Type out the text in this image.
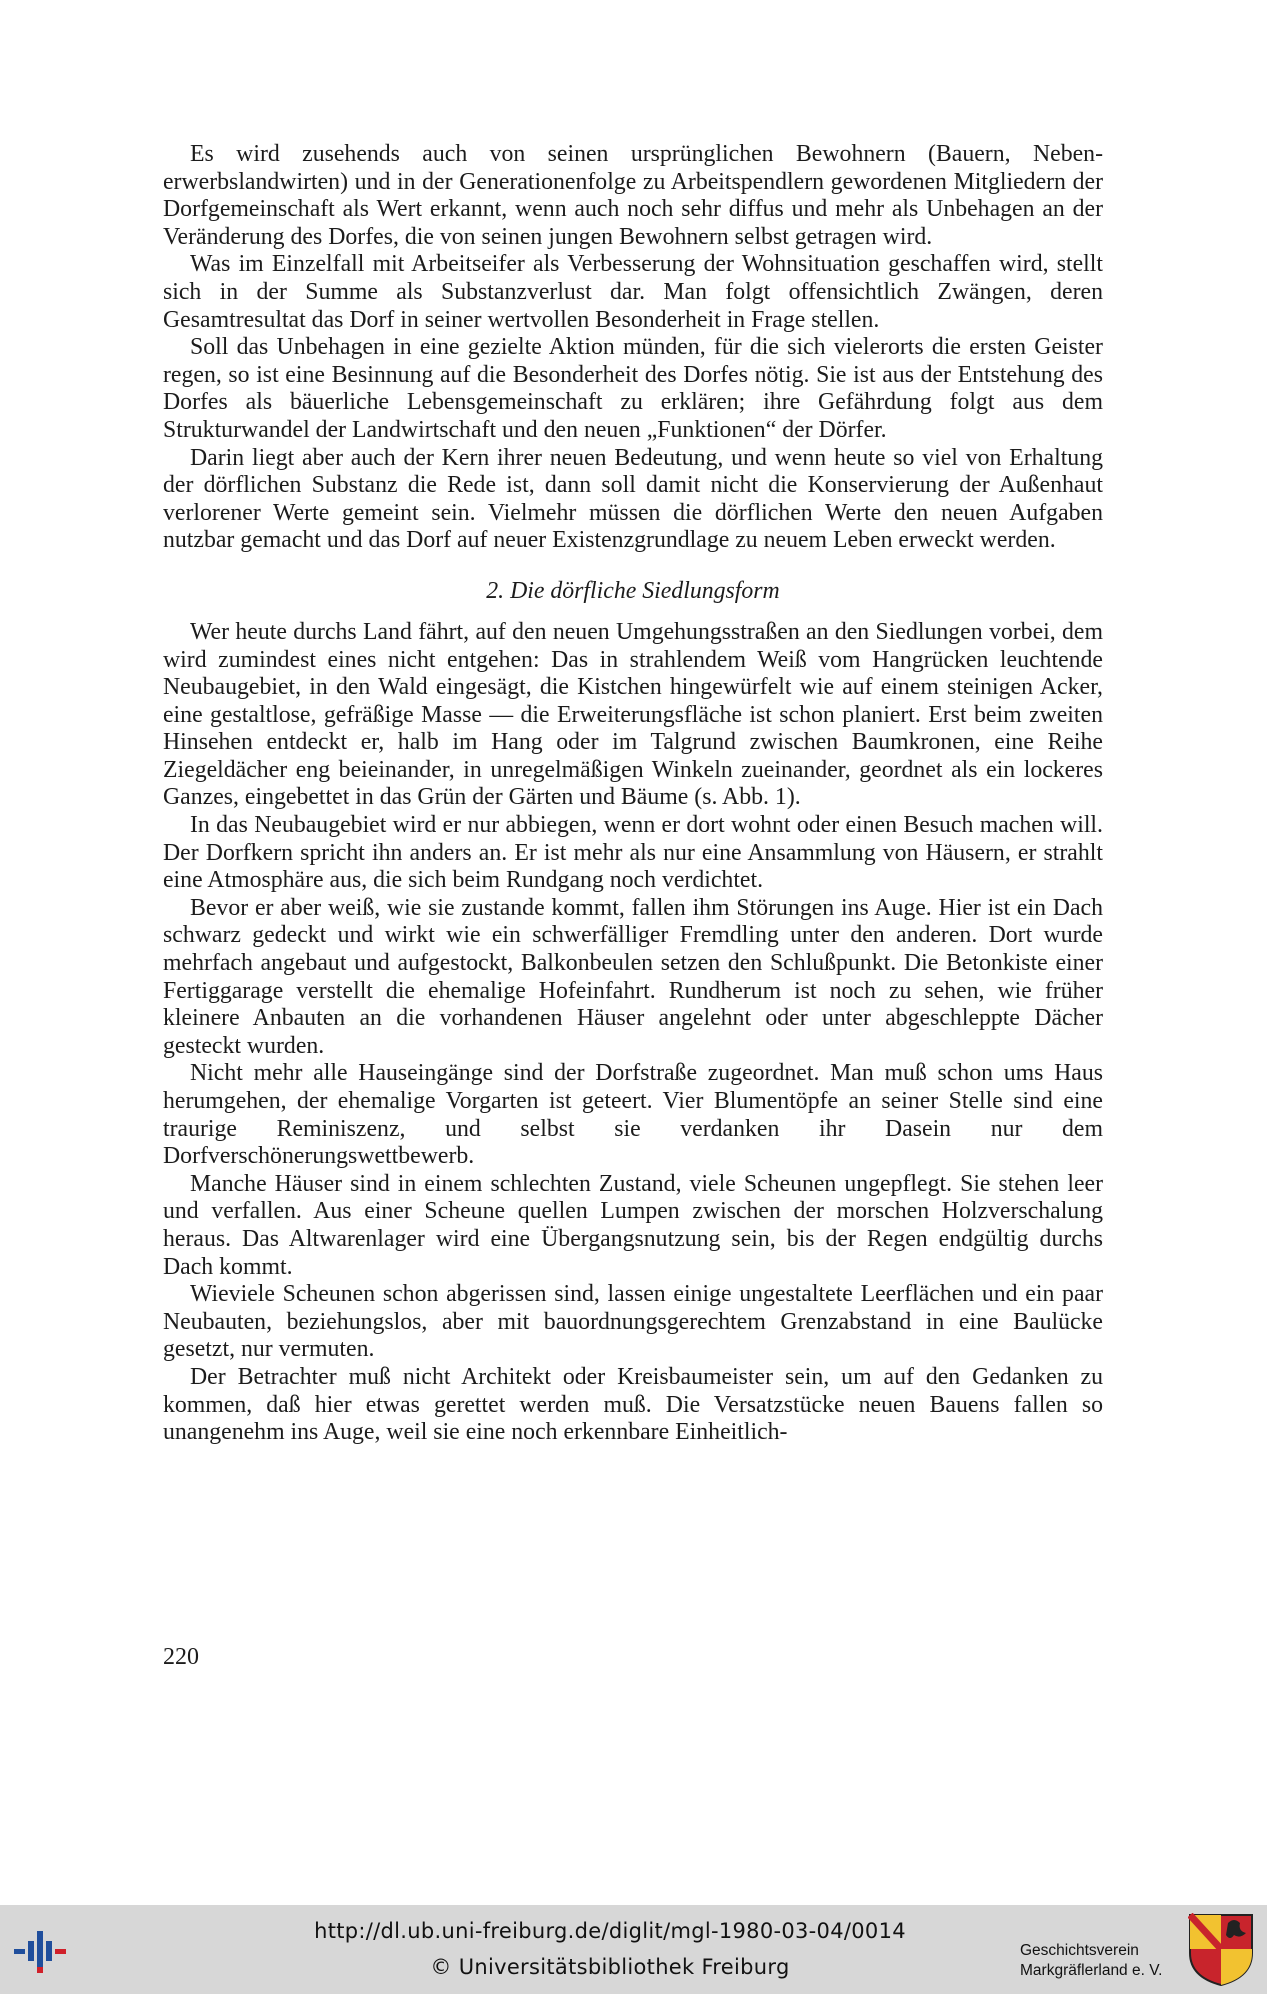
Es wird zusehends auch von seinen ursprünglichen Bewohnern (Bauern, Nebenerwerbslandwirten) und in der Generationenfolge zu Arbeitspendlern gewordenen Mitgliedern der Dorfgemeinschaft als Wert erkannt, wenn auch noch sehr diffus und mehr als Unbehagen an der Veränderung des Dorfes, die von seinen jungen Bewohnern selbst getragen wird.

Was im Einzelfall mit Arbeitseifer als Verbesserung der Wohnsituation geschaffen wird, stellt sich in der Summe als Substanzverlust dar. Man folgt offensichtlich Zwängen, deren Gesamtresultat das Dorf in seiner wertvollen Besonderheit in Frage stellen.

Soll das Unbehagen in eine gezielte Aktion münden, für die sich vielerorts die ersten Geister regen, so ist eine Besinnung auf die Besonderheit des Dorfes nötig. Sie ist aus der Entstehung des Dorfes als bäuerliche Lebensgemeinschaft zu erklären; ihre Gefährdung folgt aus dem Strukturwandel der Landwirtschaft und den neuen „Funktionen“ der Dörfer.

Darin liegt aber auch der Kern ihrer neuen Bedeutung, und wenn heute so viel von Erhaltung der dörflichen Substanz die Rede ist, dann soll damit nicht die Konservierung der Außenhaut verlorener Werte gemeint sein. Vielmehr müssen die dörflichen Werte den neuen Aufgaben nutzbar gemacht und das Dorf auf neuer Existenzgrundlage zu neuem Leben erweckt werden.

2. Die dörfliche Siedlungsform

Wer heute durchs Land fährt, auf den neuen Umgehungsstraßen an den Siedlungen vorbei, dem wird zumindest eines nicht entgehen: Das in strahlendem Weiß vom Hangrücken leuchtende Neubaugebiet, in den Wald eingesägt, die Kistchen hingewürfelt wie auf einem steinigen Acker, eine gestaltlose, gefräßige Masse — die Erweiterungsfläche ist schon planiert. Erst beim zweiten Hinsehen entdeckt er, halb im Hang oder im Talgrund zwischen Baumkronen, eine Reihe Ziegeldächer eng beieinander, in unregelmäßigen Winkeln zueinander, geordnet als ein lockeres Ganzes, eingebettet in das Grün der Gärten und Bäume (s. Abb. 1).

In das Neubaugebiet wird er nur abbiegen, wenn er dort wohnt oder einen Besuch machen will. Der Dorfkern spricht ihn anders an. Er ist mehr als nur eine Ansammlung von Häusern, er strahlt eine Atmosphäre aus, die sich beim Rundgang noch verdichtet.

Bevor er aber weiß, wie sie zustande kommt, fallen ihm Störungen ins Auge. Hier ist ein Dach schwarz gedeckt und wirkt wie ein schwerfälliger Fremdling unter den anderen. Dort wurde mehrfach angebaut und aufgestockt, Balkonbeulen setzen den Schlußpunkt. Die Betonkiste einer Fertiggarage verstellt die ehemalige Hofeinfahrt. Rundherum ist noch zu sehen, wie früher kleinere Anbauten an die vorhandenen Häuser angelehnt oder unter abgeschleppte Dächer gesteckt wurden.

Nicht mehr alle Hauseingänge sind der Dorfstraße zugeordnet. Man muß schon ums Haus herumgehen, der ehemalige Vorgarten ist geteert. Vier Blumentöpfe an seiner Stelle sind eine traurige Reminiszenz, und selbst sie verdanken ihr Dasein nur dem Dorfverschönerungswettbewerb.

Manche Häuser sind in einem schlechten Zustand, viele Scheunen ungepflegt. Sie stehen leer und verfallen. Aus einer Scheune quellen Lumpen zwischen der morschen Holzverschalung heraus. Das Altwarenlager wird eine Übergangsnutzung sein, bis der Regen endgültig durchs Dach kommt.

Wieviele Scheunen schon abgerissen sind, lassen einige ungestaltete Leerflächen und ein paar Neubauten, beziehungslos, aber mit bauordnungsgerechtem Grenzabstand in eine Baulücke gesetzt, nur vermuten.

Der Betrachter muß nicht Architekt oder Kreisbaumeister sein, um auf den Gedanken zu kommen, daß hier etwas gerettet werden muß. Die Versatzstücke neuen Bauens fallen so unangenehm ins Auge, weil sie eine noch erkennbare Einheitlich-

220
http://dl.ub.uni-freiburg.de/diglit/mgl-1980-03-04/0014
© Universitätsbibliothek Freiburg
Geschichtsverein
Markgräflerland e. V.
